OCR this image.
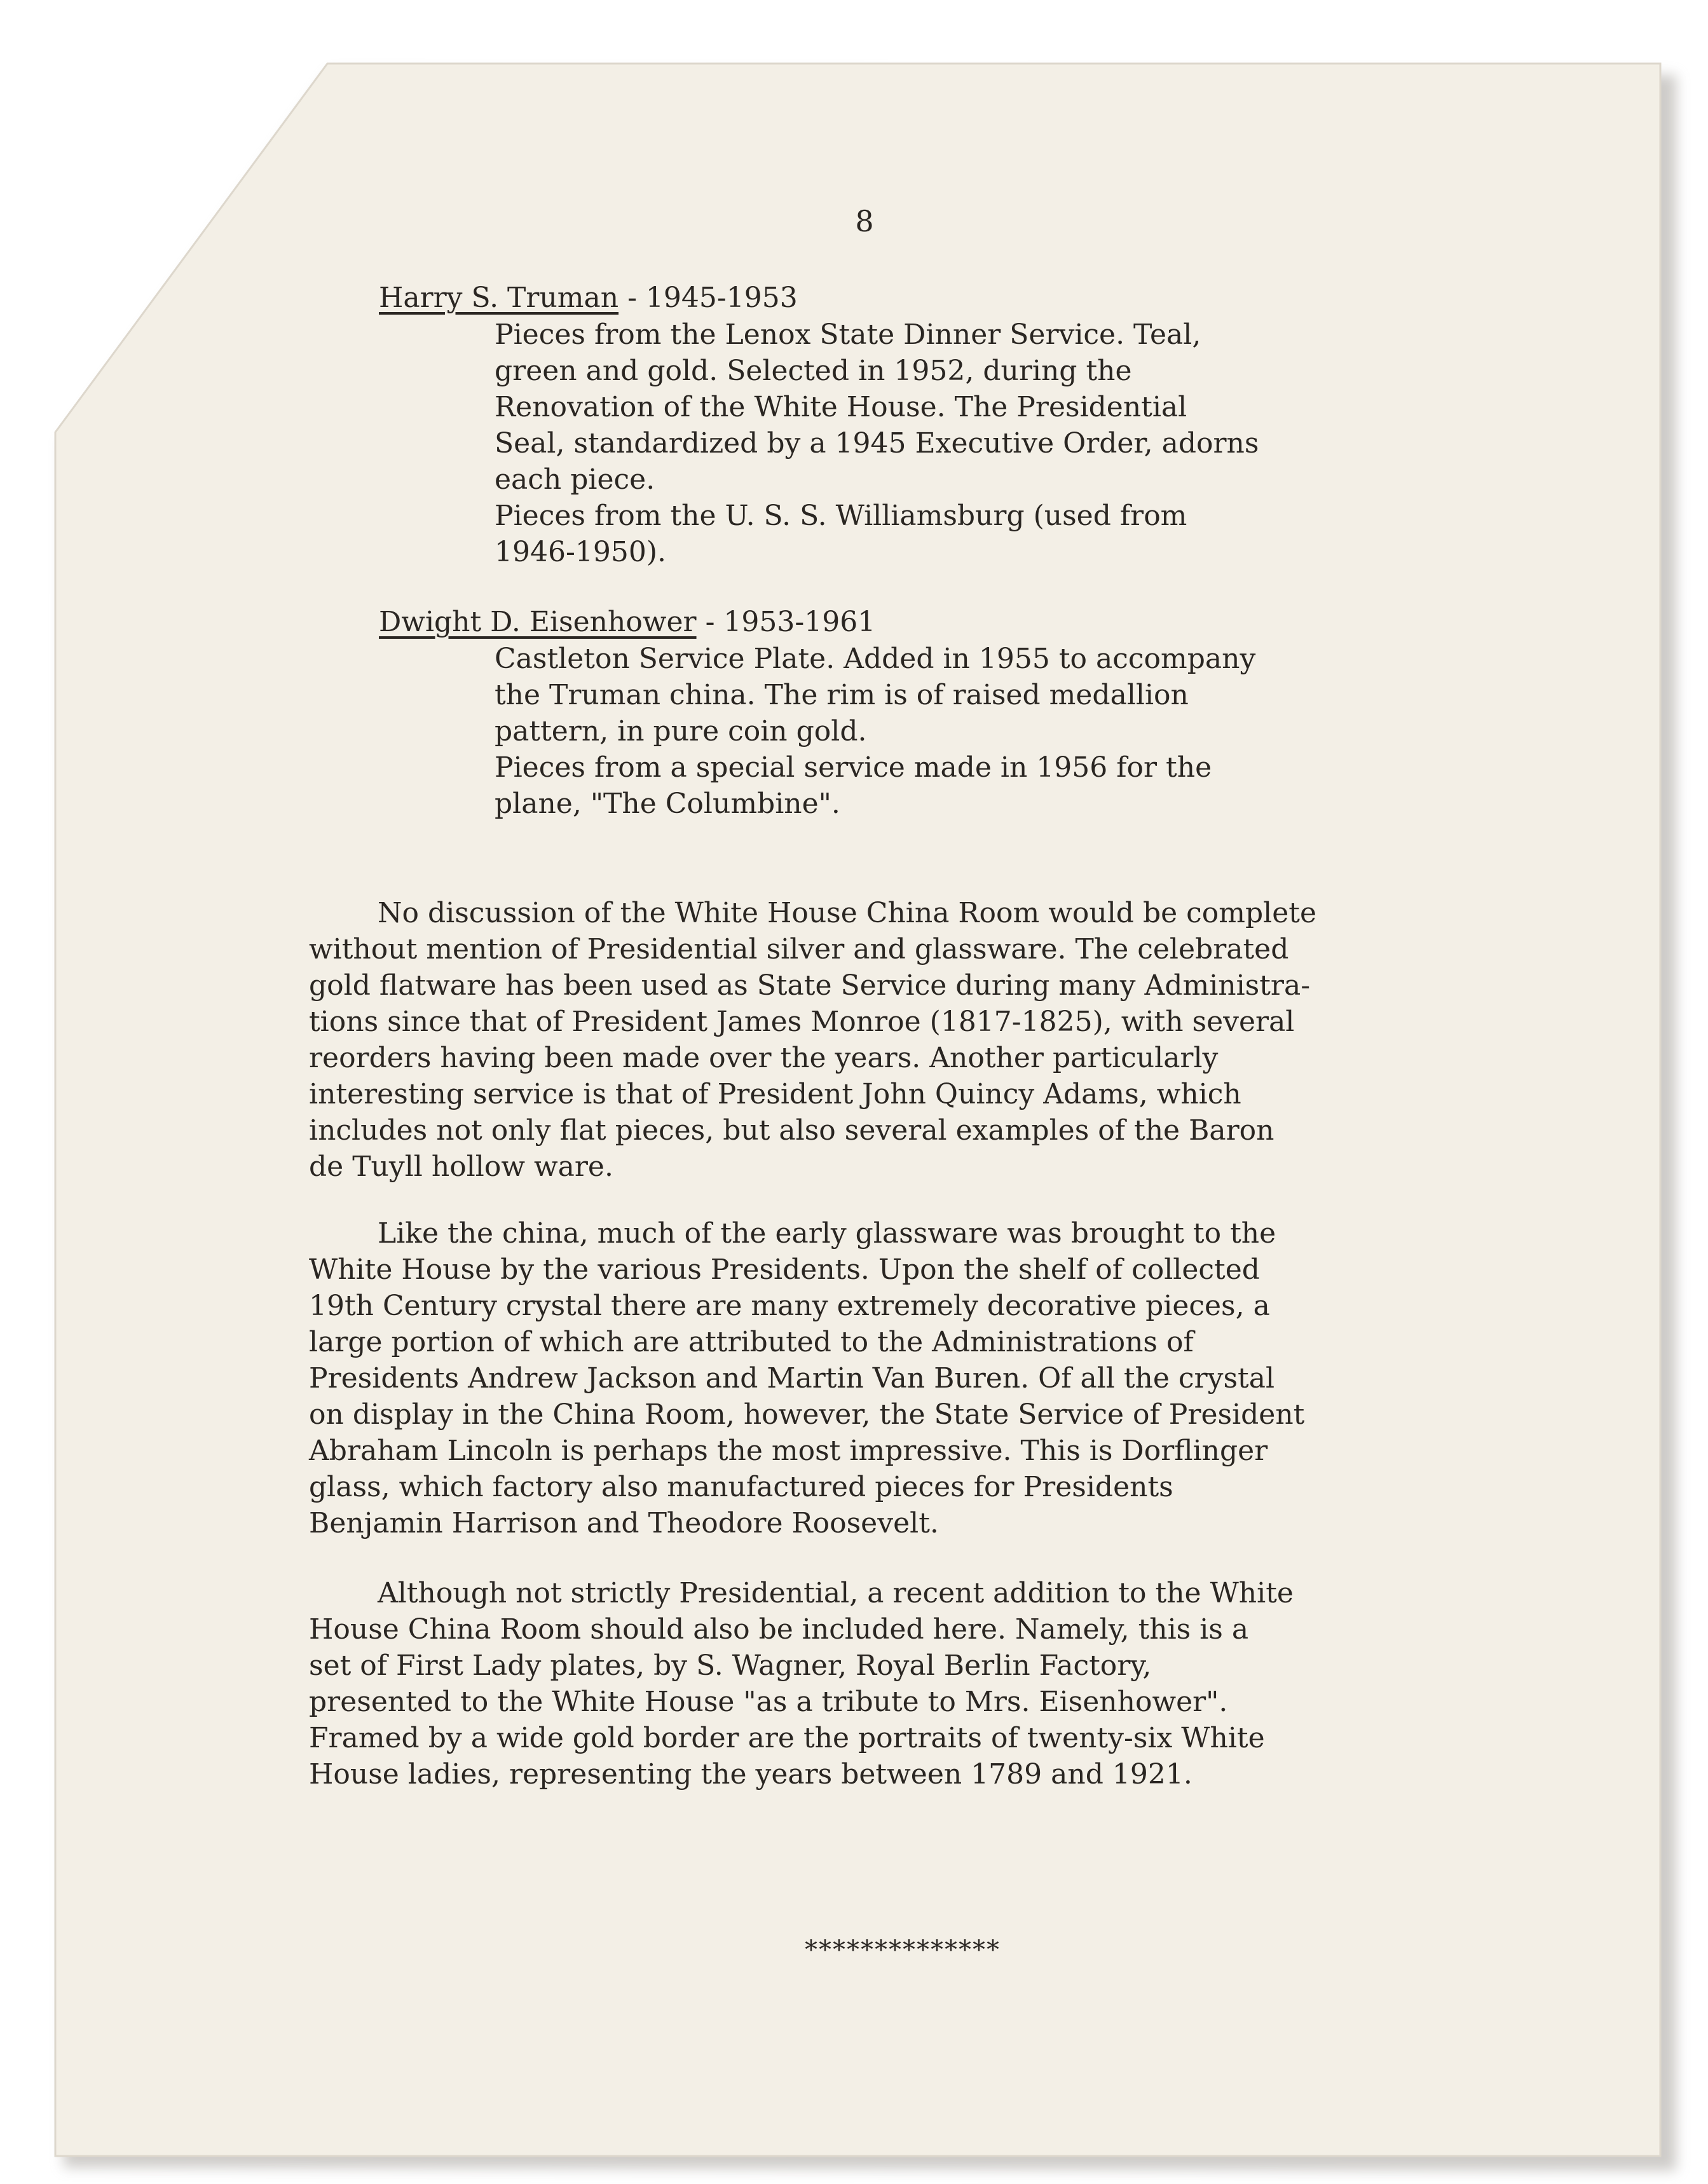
8
Harry S. Truman - 1945-1953
Pieces from the Lenox State Dinner Service. Teal,
green and gold. Selected in 1952, during the
Renovation of the White House. The Presidential
Seal, standardized by a 1945 Executive Order, adorns
each piece.
Pieces from the U. S. S. Williamsburg (used from
1946-1950).
Dwight D. Eisenhower - 1953-1961
Castleton Service Plate. Added in 1955 to accompany
the Truman china. The rim is of raised medallion
pattern, in pure coin gold.
Pieces from a special service made in 1956 for the
plane, "The Columbine".
No discussion of the White House China Room would be complete
without mention of Presidential silver and glassware. The celebrated
gold flatware has been used as State Service during many Administra-
tions since that of President James Monroe (1817-1825), with several
reorders having been made over the years. Another particularly
interesting service is that of President John Quincy Adams, which
includes not only flat pieces, but also several examples of the Baron
de Tuyll hollow ware.
Like the china, much of the early glassware was brought to the
White House by the various Presidents. Upon the shelf of collected
19th Century crystal there are many extremely decorative pieces, a
large portion of which are attributed to the Administrations of
Presidents Andrew Jackson and Martin Van Buren. Of all the crystal
on display in the China Room, however, the State Service of President
Abraham Lincoln is perhaps the most impressive. This is Dorflinger
glass, which factory also manufactured pieces for Presidents
Benjamin Harrison and Theodore Roosevelt.
Although not strictly Presidential, a recent addition to the White
House China Room should also be included here. Namely, this is a
set of First Lady plates, by S. Wagner, Royal Berlin Factory,
presented to the White House "as a tribute to Mrs. Eisenhower".
Framed by a wide gold border are the portraits of twenty-six White
House ladies, representing the years between 1789 and 1921.
**************
